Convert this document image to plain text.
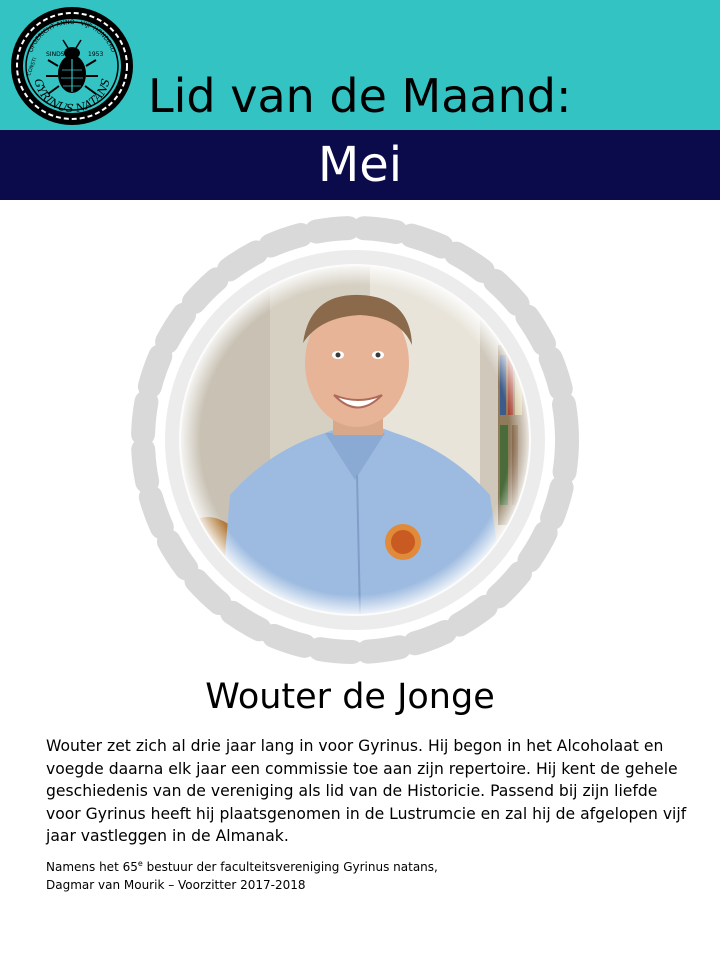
OPGERICHT ANNO · VIJF HONDERD
GYRINUS NATANS
SINDS	1953
CONSTI
Lid van de Maand:
Mei
Wouter de Jonge

Wouter zet zich al drie jaar lang in voor Gyrinus. Hij begon in het Alcoholaat en voegde daarna elk jaar een commissie toe aan zijn repertoire. Hij kent de gehele geschiedenis van de vereniging als lid van de Historicie. Passend bij zijn liefde voor Gyrinus heeft hij plaatsgenomen in de Lustrumcie en zal hij de afgelopen vijf jaar vastleggen in de Almanak.

Namens het 65e bestuur der faculteitsvereniging Gyrinus natans,
Dagmar van Mourik – Voorzitter 2017-2018
